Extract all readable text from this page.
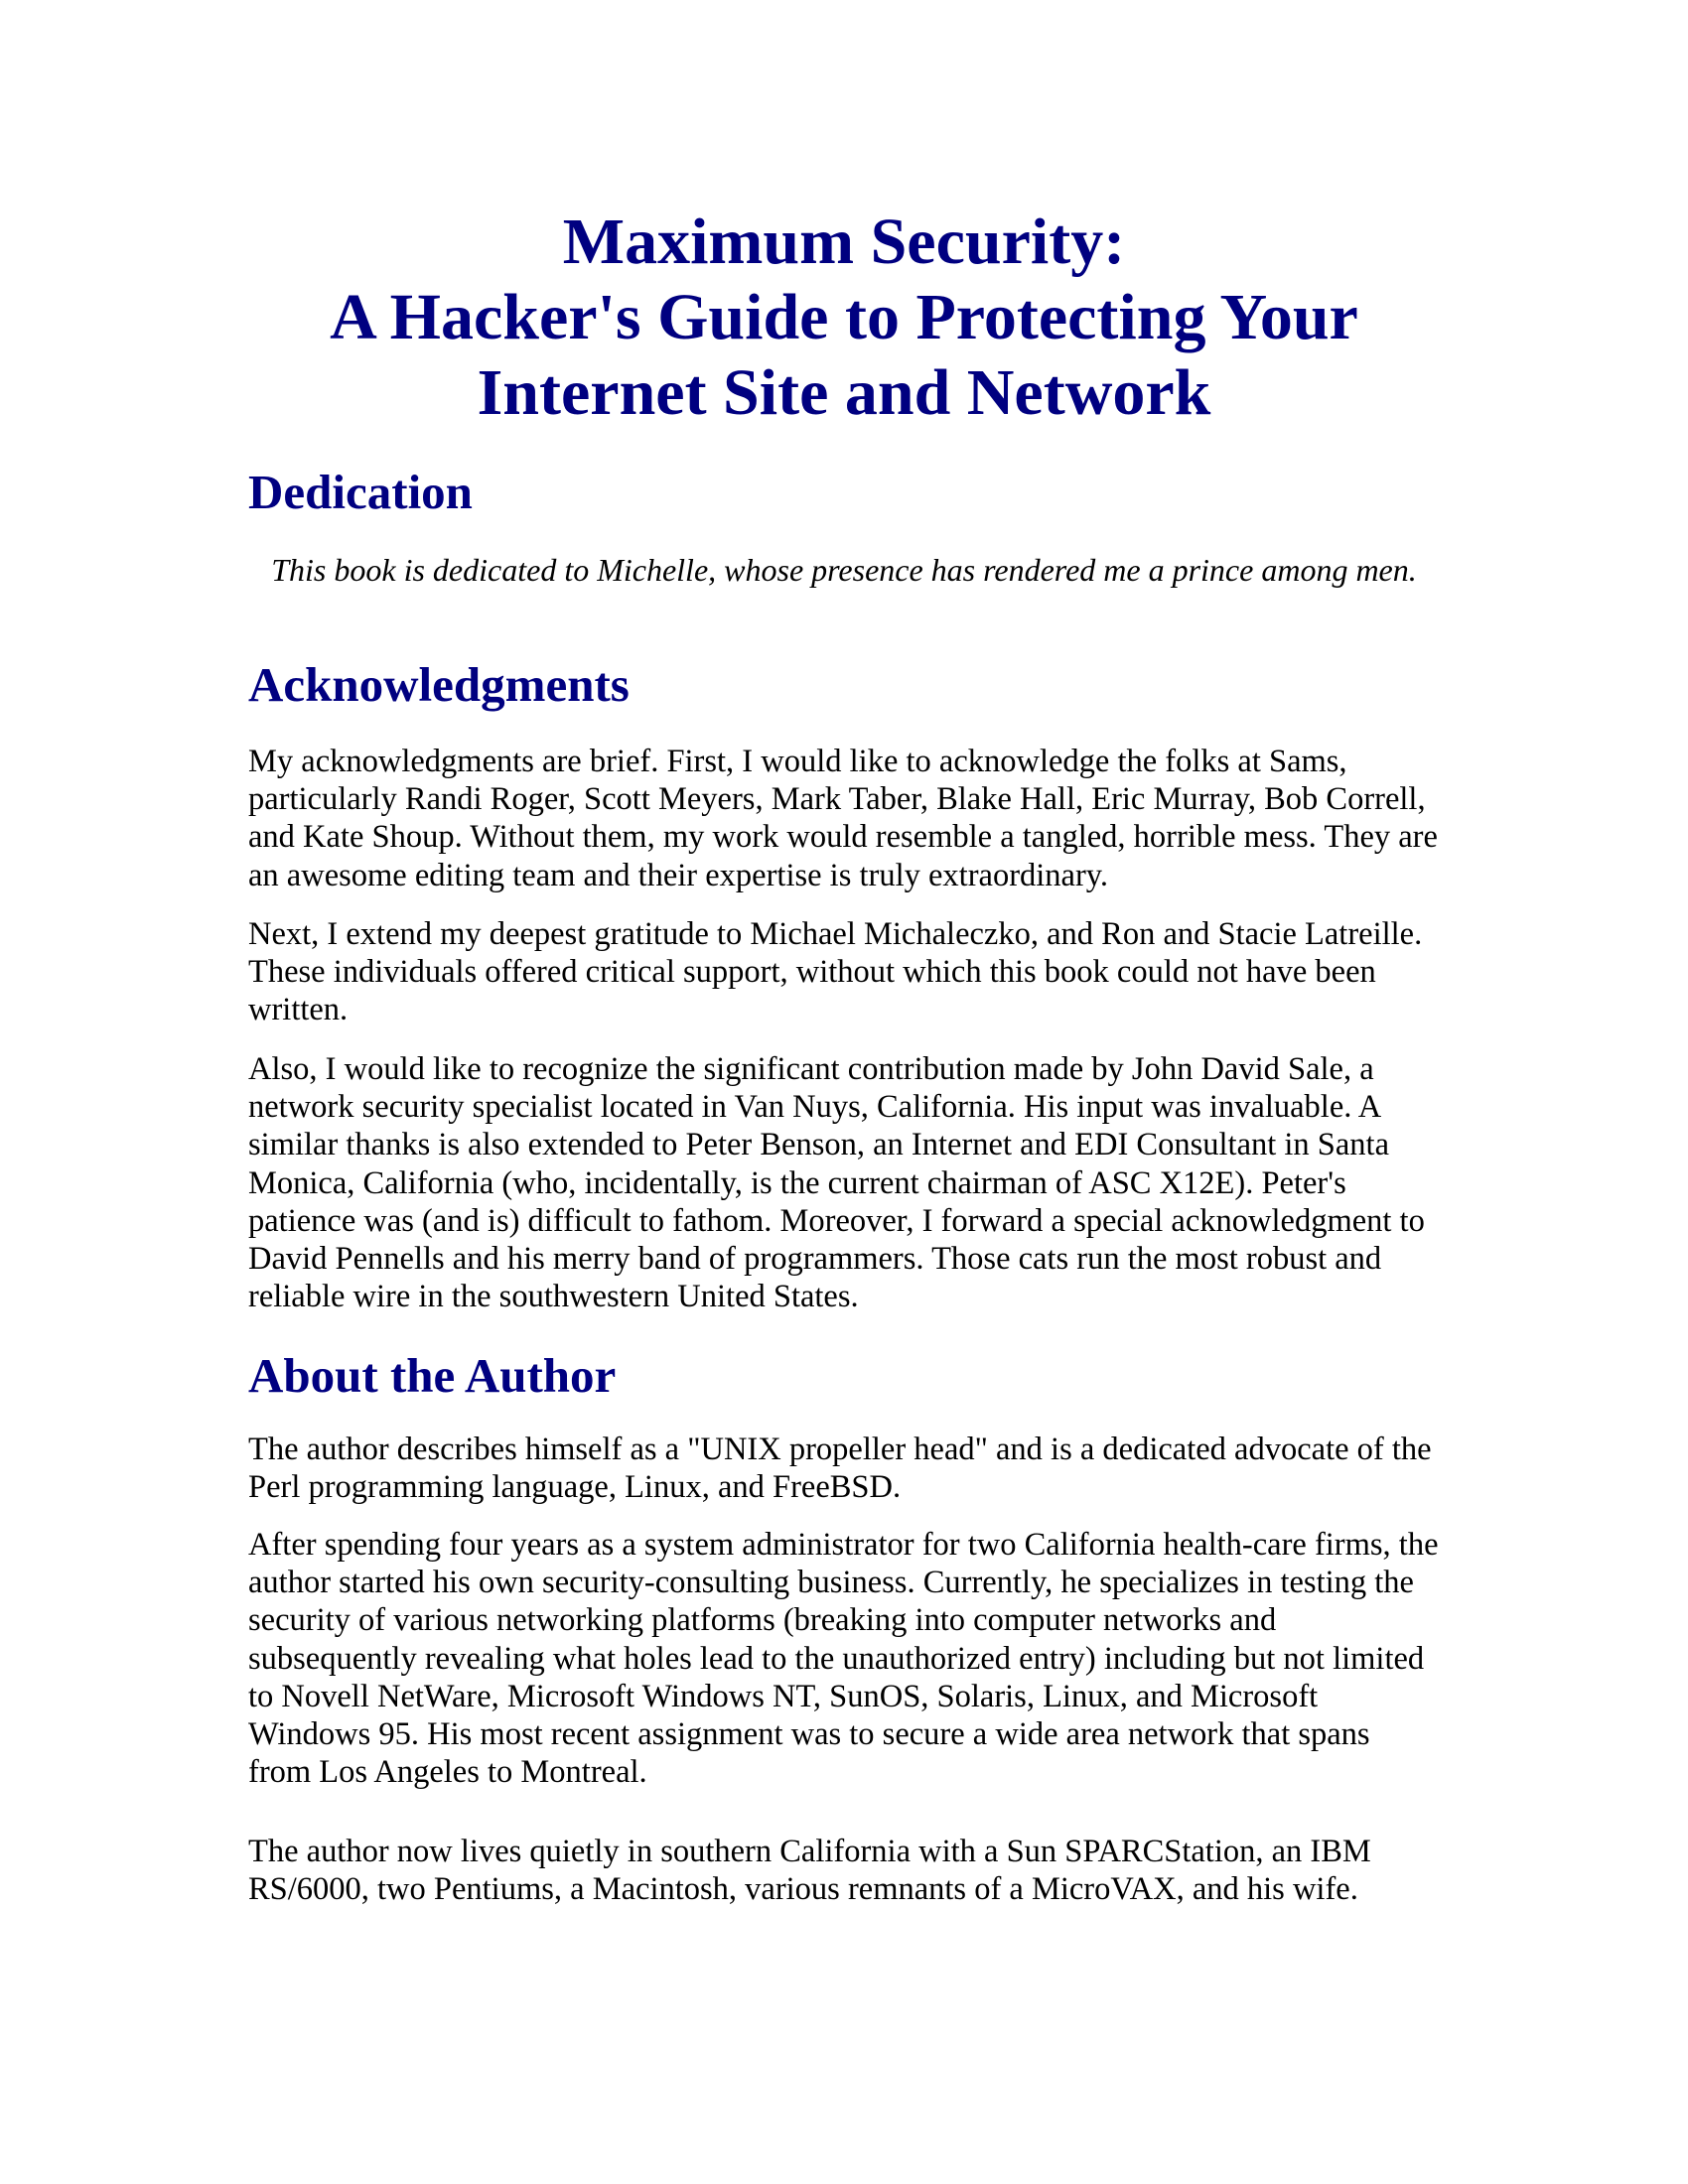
Maximum Security:
A Hacker's Guide to Protecting Your
Internet Site and Network
Dedication

This book is dedicated to Michelle, whose presence has rendered me a prince among men.

Acknowledgments

My acknowledgments are brief. First, I would like to acknowledge the folks at Sams, particularly Randi Roger, Scott Meyers, Mark Taber, Blake Hall, Eric Murray, Bob Correll, and Kate Shoup. Without them, my work would resemble a tangled, horrible mess. They are an awesome editing team and their expertise is truly extraordinary.

Next, I extend my deepest gratitude to Michael Michaleczko, and Ron and Stacie Latreille. These individuals offered critical support, without which this book could not have been written.

Also, I would like to recognize the significant contribution made by John David Sale, a network security specialist located in Van Nuys, California. His input was invaluable. A similar thanks is also extended to Peter Benson, an Internet and EDI Consultant in Santa Monica, California (who, incidentally, is the current chairman of ASC X12E). Peter's patience was (and is) difficult to fathom. Moreover, I forward a special acknowledgment to David Pennells and his merry band of programmers. Those cats run the most robust and reliable wire in the southwestern United States.

About the Author

The author describes himself as a "UNIX propeller head" and is a dedicated advocate of the Perl programming language, Linux, and FreeBSD.

After spending four years as a system administrator for two California health-care firms, the author started his own security-consulting business. Currently, he specializes in testing the security of various networking platforms (breaking into computer networks and subsequently revealing what holes lead to the unauthorized entry) including but not limited to Novell NetWare, Microsoft Windows NT, SunOS, Solaris, Linux, and Microsoft Windows 95. His most recent assignment was to secure a wide area network that spans from Los Angeles to Montreal.

The author now lives quietly in southern California with a Sun SPARCStation, an IBM RS/6000, two Pentiums, a Macintosh, various remnants of a MicroVAX, and his wife.
